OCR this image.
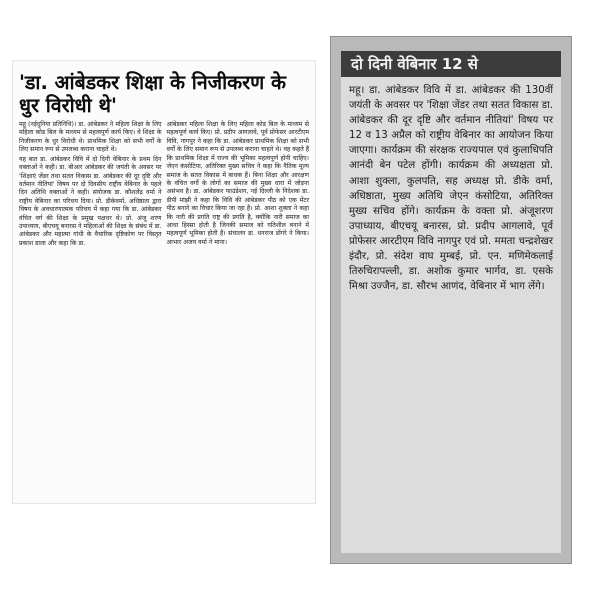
'डा. आंबेडकर शिक्षा के निजीकरण के धुर विरोधी थे'

महू (नईदुनिया प्रतिनिधि)। डा. आंबेडकर ने महिला शिक्षा के लिए महिला कोड बिल के माध्यम से महत्वपूर्ण कार्य किए। वे शिक्षा के निजीकरण के धुर विरोधी थे। प्राथमिक शिक्षा को सभी वर्गों के लिए समान रूप से उपलब्ध कराना चाहते थे।

यह बात डा. आंबेडकर विवि में दो दिनी वेबिनार के प्रथम दिन वक्ताओं ने कही। डा. बीआर आंबेडकर की जयंती के अवसर पर 'शिक्षाएं जेंडर तथा सतत विकास डा. आंबेडकर की दूर दृष्टि और वर्तमान नीतियां' विषय पर दो दिवसीय राष्ट्रीय वेबिनार के पहले दिन अतिथि वक्ताओं ने कही। संयोजक डा. कौशलेंद्र वर्मा ने राष्ट्रीय वेबिनार का परिचय दिया। प्रो. डीकेवर्मा, अधिष्ठाता द्वारा विषय के अवधारणात्मक परिचय में कहा गया कि डा. आंबेडकर वंचित वर्ग की शिक्षा के प्रमुख पक्षधर थे। प्रो. अंजू शरण उपाध्याय, बीएचयू बनारस ने महिलाओं की शिक्षा के संबंध में डा. आंबेडकर और महात्मा गांधी के वैचारिक दृष्टिकोण पर विस्तृत प्रकाश डाला और कहा कि डा.

आंबेडकर महिला शिक्षा के लिए महिला कोड बिल के माध्यम से महत्वपूर्ण कार्य किए। प्रो. प्रदीप आगलावे, पूर्व प्रोफेसर आरटीएम विवि, नागपुर ने कहा कि डा. आंबेडकर प्राथमिक शिक्षा को सभी वर्गों के लिए समान रूप से उपलब्ध कराना चाहते थे। वह कहते हैं कि प्राथमिक शिक्षा में राज्य की भूमिका महत्वपूर्ण होनी चाहिए। जेएन कंसोटिया, अतिरिक्त मुख्य सचिव ने कहा कि नैतिक मूल्य समाज के सतत विकास में बाधक हैं। बिना शिक्षा और आरक्षण के वंचित वर्गों के लोगों का समाज की मुख्य धारा में जोड़ना असंभव है। डा. आंबेडकर फाउंडेशन, नई दिल्ली के निदेशक डा. डीपी मांझी ने कहा कि विवि की आंबेडकर पीठ को एक मेंटर पीठ बनाने का विचार किया जा रहा है। प्रो. आशा शुक्ला ने कहा कि नारी की प्रगति राष्ट्र की प्रगति है, क्योंकि नारी समाज का आधा हिस्सा होती है जिनकी समाज को गतिशील बनाने में महत्वपूर्ण भूमिका होती है। संचालन डा. धनराज डोंगरे ने किया। आभार अजय वर्मा ने माना।

दो दिनी वेबिनार 12 से
महू। डा. आंबेडकर विवि में डा. आंबेडकर की 130वीं जयंती के अवसर पर 'शिक्षा जेंडर तथा सतत विकास डा. आंबेडकर की दूर दृष्टि और वर्तमान नीतियां' विषय पर 12 व 13 अप्रैल को राष्ट्रीय वेबिनार का आयोजन किया जाएगा। कार्यक्रम की संरक्षक राज्यपाल एवं कुलाधिपति आनंदी बेन पटेल होंगी। कार्यक्रम की अध्यक्षता प्रो. आशा शुक्ला, कुलपति, सह अध्यक्ष प्रो. डीके वर्मा, अधिष्ठाता, मुख्य अतिथि जेएन कंसोटिया, अतिरिक्त मुख्य सचिव होंगे। कार्यक्रम के वक्ता प्रो. अंजूशरण उपाध्याय, बीएचयू बनारस, प्रो. प्रदीप आगलावे, पूर्व प्रोफेसर आरटीएम विवि नागपुर एवं प्रो. ममता चन्द्रशेखर इंदौर, प्रो. संदेश वाघ मुम्बई, प्रो. एन. मणिमेकलाई तिरुचिरापल्ली, डा. अशोक कुमार भार्गव, डा. एसके मिश्रा उज्जैन, डा. सौरभ आणंद, वेबिनार में भाग लेंगे।
